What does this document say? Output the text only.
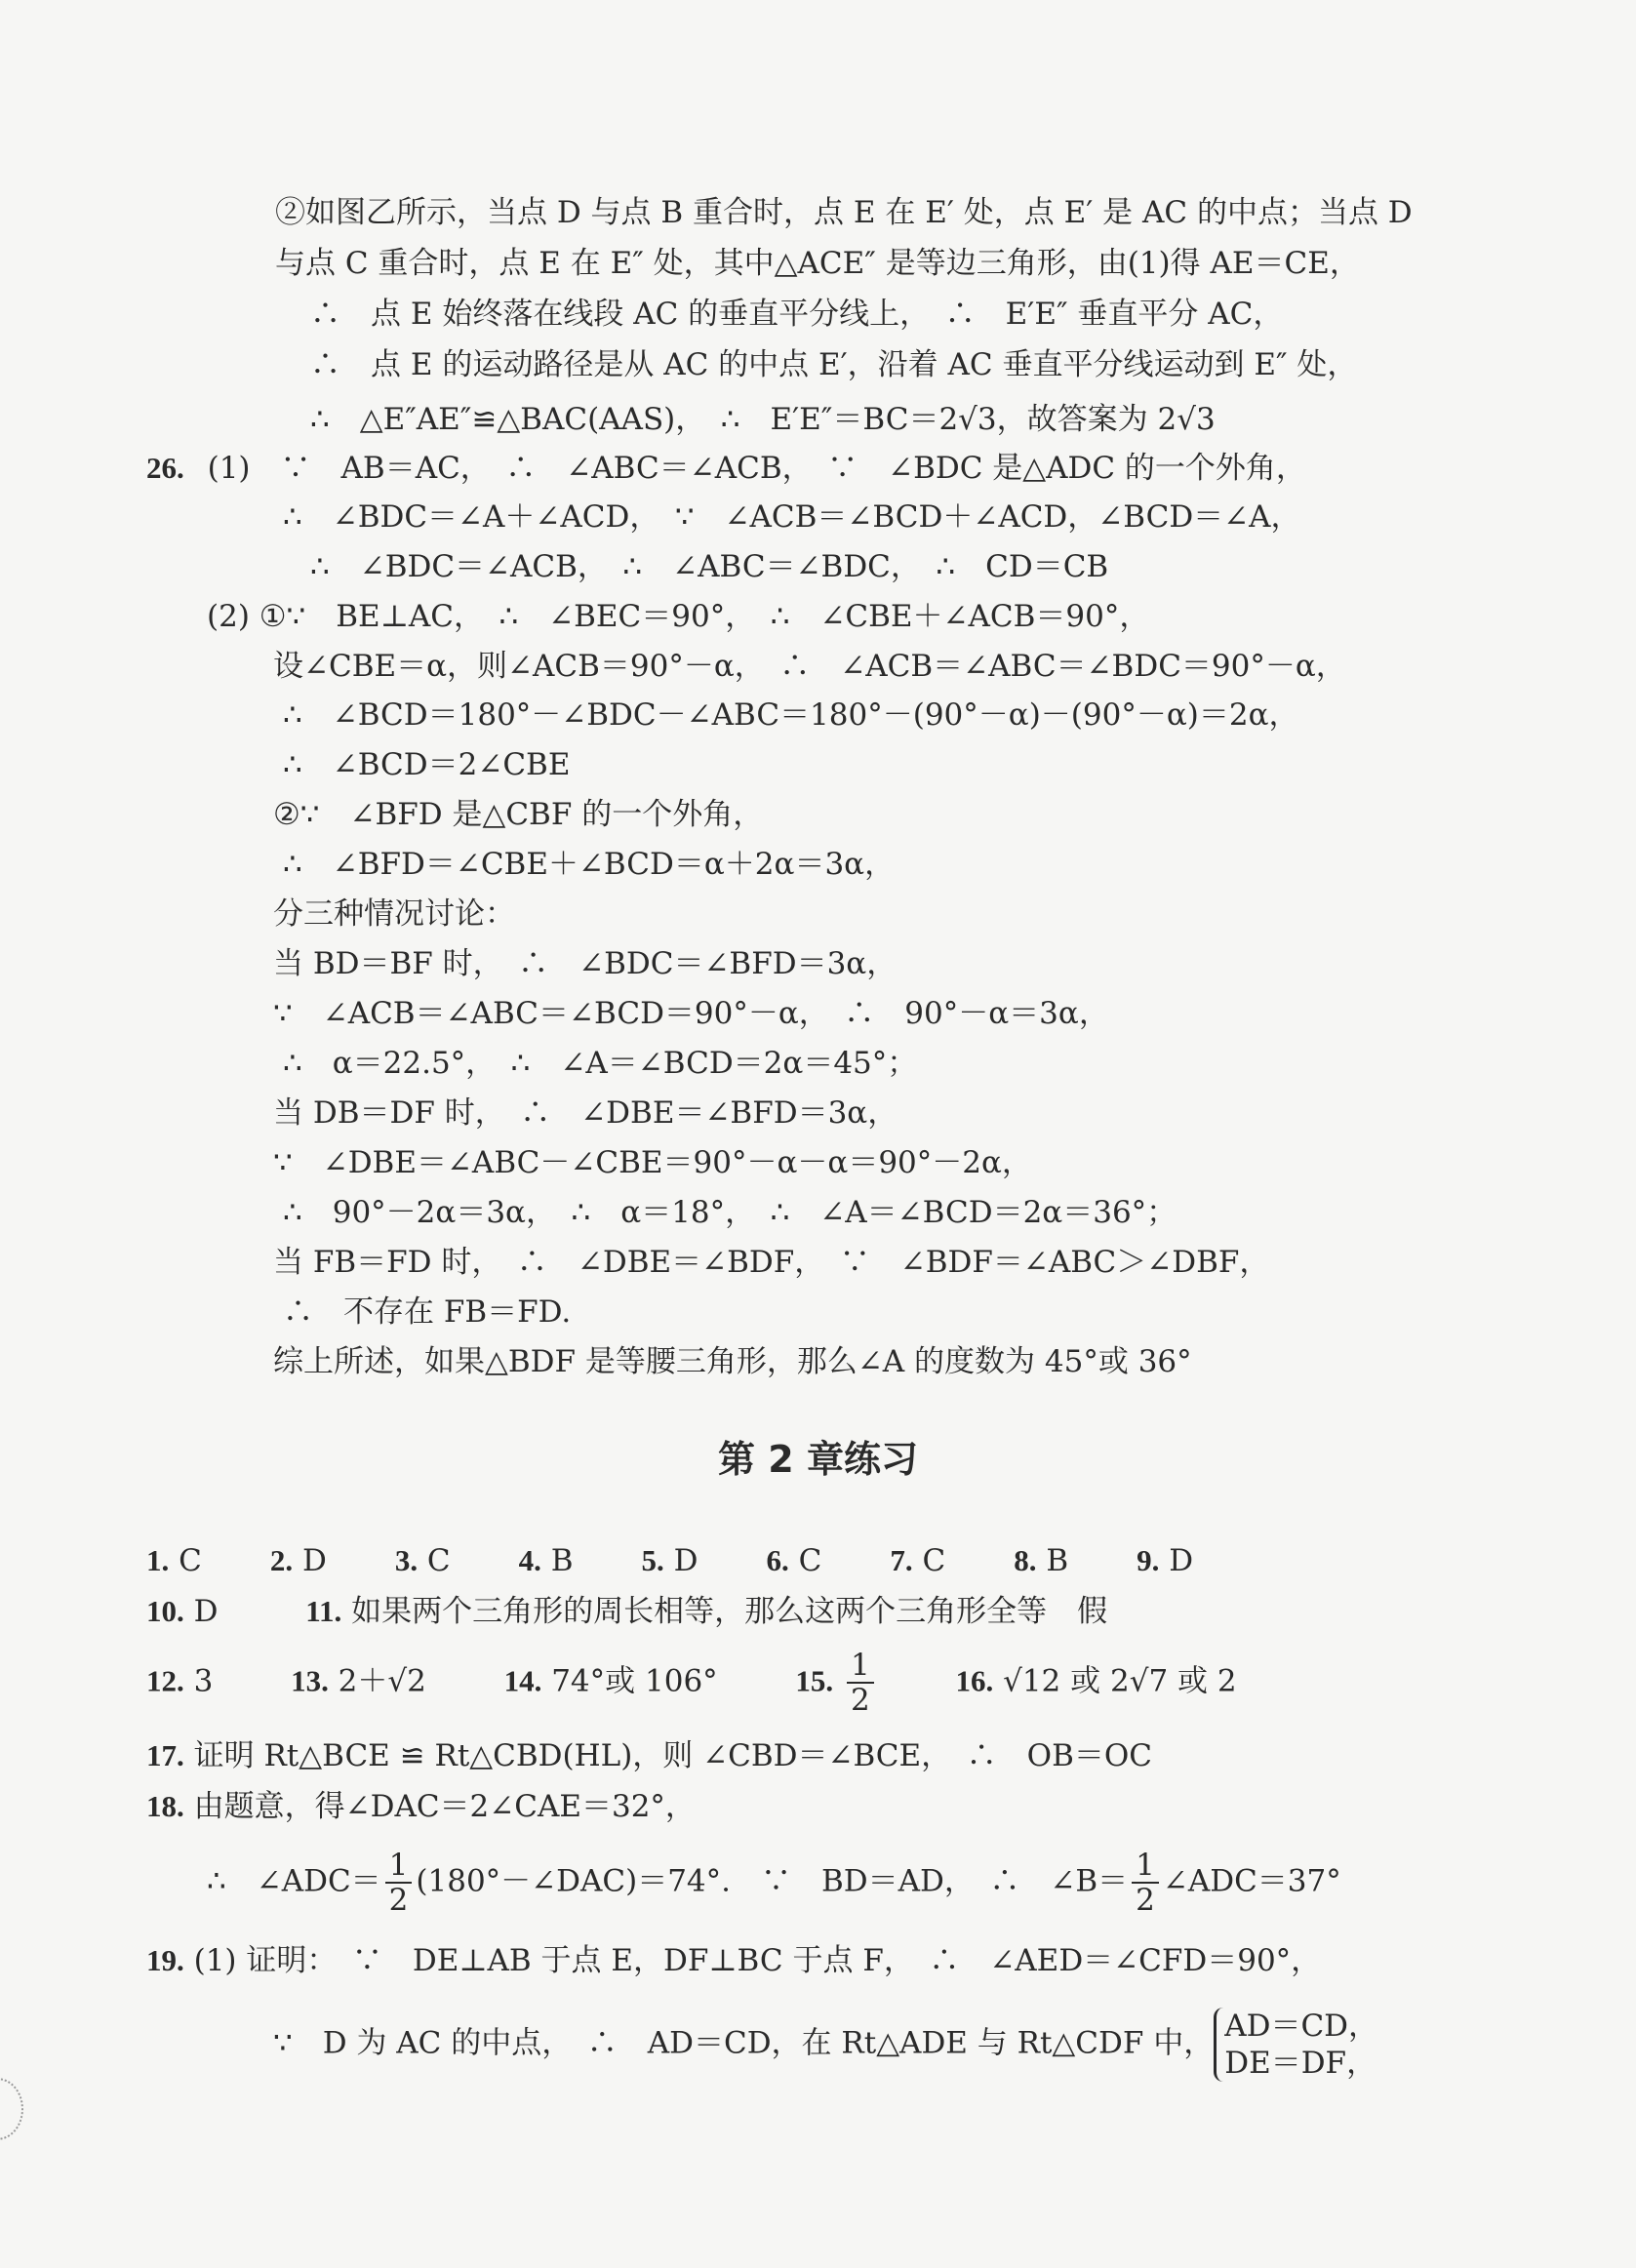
②如图乙所示，当点 D 与点 B 重合时，点 E 在 E′ 处，点 E′ 是 AC 的中点；当点 D
与点 C 重合时，点 E 在 E″ 处，其中△ACE″ 是等边三角形，由(1)得 AE＝CE，
∴　点 E 始终落在线段 AC 的垂直平分线上，　∴　E′E″ 垂直平分 AC，
∴　点 E 的运动路径是从 AC 的中点 E′，沿着 AC 垂直平分线运动到 E″ 处，
∴　△E″AE″≌△BAC(AAS)，　∴　E′E″＝BC＝2√3，故答案为 2√3
26. (1)　∵　AB＝AC，　∴　∠ABC＝∠ACB，　∵　∠BDC 是△ADC 的一个外角，
∴　∠BDC＝∠A＋∠ACD，　∵　∠ACB＝∠BCD＋∠ACD，∠BCD＝∠A，
∴　∠BDC＝∠ACB，　∴　∠ABC＝∠BDC，　∴　CD＝CB
(2) ①∵　BE⊥AC，　∴　∠BEC＝90°，　∴　∠CBE＋∠ACB＝90°，
设∠CBE＝α，则∠ACB＝90°－α，　∴　∠ACB＝∠ABC＝∠BDC＝90°－α，
∴　∠BCD＝180°－∠BDC－∠ABC＝180°－(90°－α)－(90°－α)＝2α，
∴　∠BCD＝2∠CBE
②∵　∠BFD 是△CBF 的一个外角，
∴　∠BFD＝∠CBE＋∠BCD＝α＋2α＝3α，
分三种情况讨论：
当 BD＝BF 时，　∴　∠BDC＝∠BFD＝3α，
∵　∠ACB＝∠ABC＝∠BCD＝90°－α，　∴　90°－α＝3α，
∴　α＝22.5°，　∴　∠A＝∠BCD＝2α＝45°；
当 DB＝DF 时，　∴　∠DBE＝∠BFD＝3α，
∵　∠DBE＝∠ABC－∠CBE＝90°－α－α＝90°－2α，
∴　90°－2α＝3α，　∴　α＝18°，　∴　∠A＝∠BCD＝2α＝36°；
当 FB＝FD 时，　∴　∠DBE＝∠BDF，　∵　∠BDF＝∠ABC＞∠DBF，
∴　不存在 FB＝FD.
综上所述，如果△BDF 是等腰三角形，那么∠A 的度数为 45°或 36°
第 2 章练习
1. C 2. D 3. C 4. B 5. D 6. C 7. C 8. B 9. D
10. D	11. 如果两个三角形的周长相等，那么这两个三角形全等　假
12. 3	13. 2＋√2	14. 74°或 106°	15. $\frac{1}{2}$	16. √12 或 2√7 或 2
17. 证明 Rt△BCE ≌ Rt△CBD(HL)，则 ∠CBD＝∠BCE，　∴　OB＝OC
18. 由题意，得∠DAC＝2∠CAE＝32°，
∴　∠ADC＝ $\frac{1}{2}$ (180°－∠DAC)＝74°.　∵　BD＝AD，　∴　∠B＝ $\frac{1}{2}$ ∠ADC＝37°
19. (1) 证明：　∵　DE⊥AB 于点 E，DF⊥BC 于点 F，　∴　∠AED＝∠CFD＝90°，
∵　D 为 AC 的中点，　∴　AD＝CD，在 Rt△ADE 与 Rt△CDF 中， AD＝CD，
DE＝DF，
